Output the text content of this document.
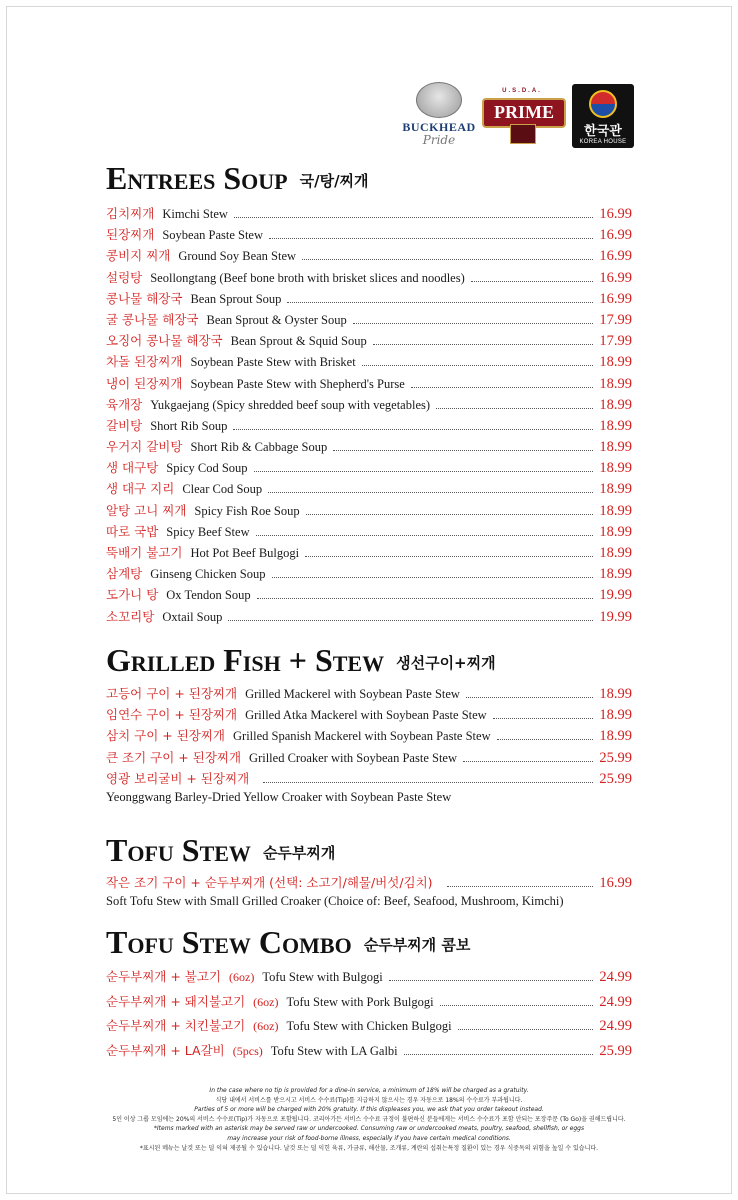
BUCKHEAD
Pride
U.S.D.A.
PRIME
한국관
KOREA HOUSE
Entrees Soup 국/탕/찌개
김치찌개 Kimchi Stew	16.99
된장찌개 Soybean Paste Stew	16.99
콩비지 찌개 Ground Soy Bean Stew	16.99
설렁탕 Seollongtang (Beef bone broth with brisket slices and noodles)	16.99
콩나물 해장국 Bean Sprout Soup	16.99
굴 콩나물 해장국 Bean Sprout & Oyster Soup	17.99
오징어 콩나물 해장국 Bean Sprout & Squid Soup	17.99
차돌 된장찌개 Soybean Paste Stew with Brisket	18.99
냉이 된장찌개 Soybean Paste Stew with Shepherd's Purse	18.99
육개장 Yukgaejang (Spicy shredded beef soup with vegetables)	18.99
갈비탕 Short Rib Soup	18.99
우거지 갈비탕 Short Rib & Cabbage Soup	18.99
생 대구탕 Spicy Cod Soup	18.99
생 대구 지리 Clear Cod Soup	18.99
알탕 고니 찌개 Spicy Fish Roe Soup	18.99
따로 국밥 Spicy Beef Stew	18.99
뚝배기 불고기 Hot Pot Beef Bulgogi	18.99
삼계탕 Ginseng Chicken Soup	18.99
도가니 탕 Ox Tendon Soup	19.99
소꼬리탕 Oxtail Soup	19.99
Grilled Fish + Stew 생선구이+찌개
고등어 구이 + 된장찌개 Grilled Mackerel with Soybean Paste Stew	18.99
임연수 구이 + 된장찌개 Grilled Atka Mackerel with Soybean Paste Stew	18.99
삼치 구이 + 된장찌개 Grilled Spanish Mackerel with Soybean Paste Stew	18.99
큰 조기 구이 + 된장찌개 Grilled Croaker with Soybean Paste Stew	25.99
영광 보리굴비 + 된장찌개	25.99
Yeonggwang Barley-Dried Yellow Croaker with Soybean Paste Stew
Tofu Stew 순두부찌개
작은 조기 구이 + 순두부찌개 (선택: 소고기/해물/버섯/김치)	16.99
Soft Tofu Stew with Small Grilled Croaker (Choice of: Beef, Seafood, Mushroom, Kimchi)
Tofu Stew Combo 순두부찌개 콤보
순두부찌개 + 불고기 (6oz) Tofu Stew with Bulgogi	24.99
순두부찌개 + 돼지불고기 (6oz) Tofu Stew with Pork Bulgogi	24.99
순두부찌개 + 치킨불고기 (6oz) Tofu Stew with Chicken Bulgogi	24.99
순두부찌개 + LA갈비 (5pcs) Tofu Stew with LA Galbi	25.99
In the case where no tip is provided for a dine-in service, a minimum of 18% will be charged as a gratuity.
식당 내에서 서비스를 받으시고 서비스 수수료(Tip)를 지급하지 않으시는 경우 자동으로 18%의 수수료가 부과됩니다.
Parties of 5 or more will be charged with 20% gratuity. If this displeases you, we ask that you order takeout instead.
5인 이상 그룹 모임에는 20%의 서비스 수수료(Tip)가 자동으로 포함됩니다. 코리아가든 서비스 수수료 규정이 불편하신 분들에게는 서비스 수수료가 포함 안되는 포장주문 (To Go)을 권해드립니다.
*Items marked with an asterisk may be served raw or undercooked. Consuming raw or undercooked meats, poultry, seafood, shellfish, or eggs
may increase your risk of food-borne illness, especially if you have certain medical conditions.
*표시된 메뉴는 날것 또는 덜 익혀 제공될 수 있습니다. 날것 또는 덜 익힌 육류, 가금류, 해산물, 조개류, 계란의 섭취는특정 질환이 있는 경우 식중독의 위험을 높일 수 있습니다.
